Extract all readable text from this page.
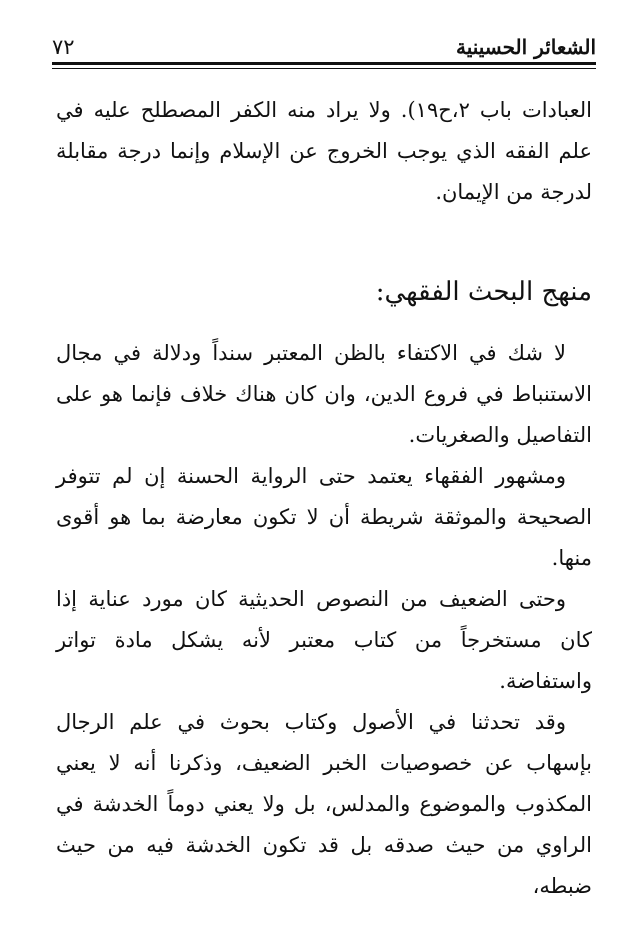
الشعائر الحسينية
٧٢

العبادات باب ٢،ح١٩). ولا يراد منه الكفر المصطلح عليه في علم الفقه الذي يوجب الخروج عن الإسلام وإنما درجة مقابلة لدرجة من الإيمان.

منهج البحث الفقهي:

لا شك في الاكتفاء بالظن المعتبر سنداً ودلالة في مجال الاستنباط في فروع الدين، وان كان هناك خلاف فإنما هو على التفاصيل والصغريات.

ومشهور الفقهاء يعتمد حتى الرواية الحسنة إن لم تتوفر الصحيحة والموثقة شريطة أن لا تكون معارضة بما هو أقوى منها.

وحتى الضعيف من النصوص الحديثية كان مورد عناية إذا كان مستخرجاً من كتاب معتبر لأنه يشكل مادة تواتر واستفاضة.

وقد تحدثنا في الأصول وكتاب بحوث في علم الرجال بإسهاب عن خصوصيات الخبر الضعيف، وذكرنا أنه لا يعني المكذوب والموضوع والمدلس، بل ولا يعني دوماً الخدشة في الراوي من حيث صدقه بل قد تكون الخدشة فيه من حيث ضبطه،
